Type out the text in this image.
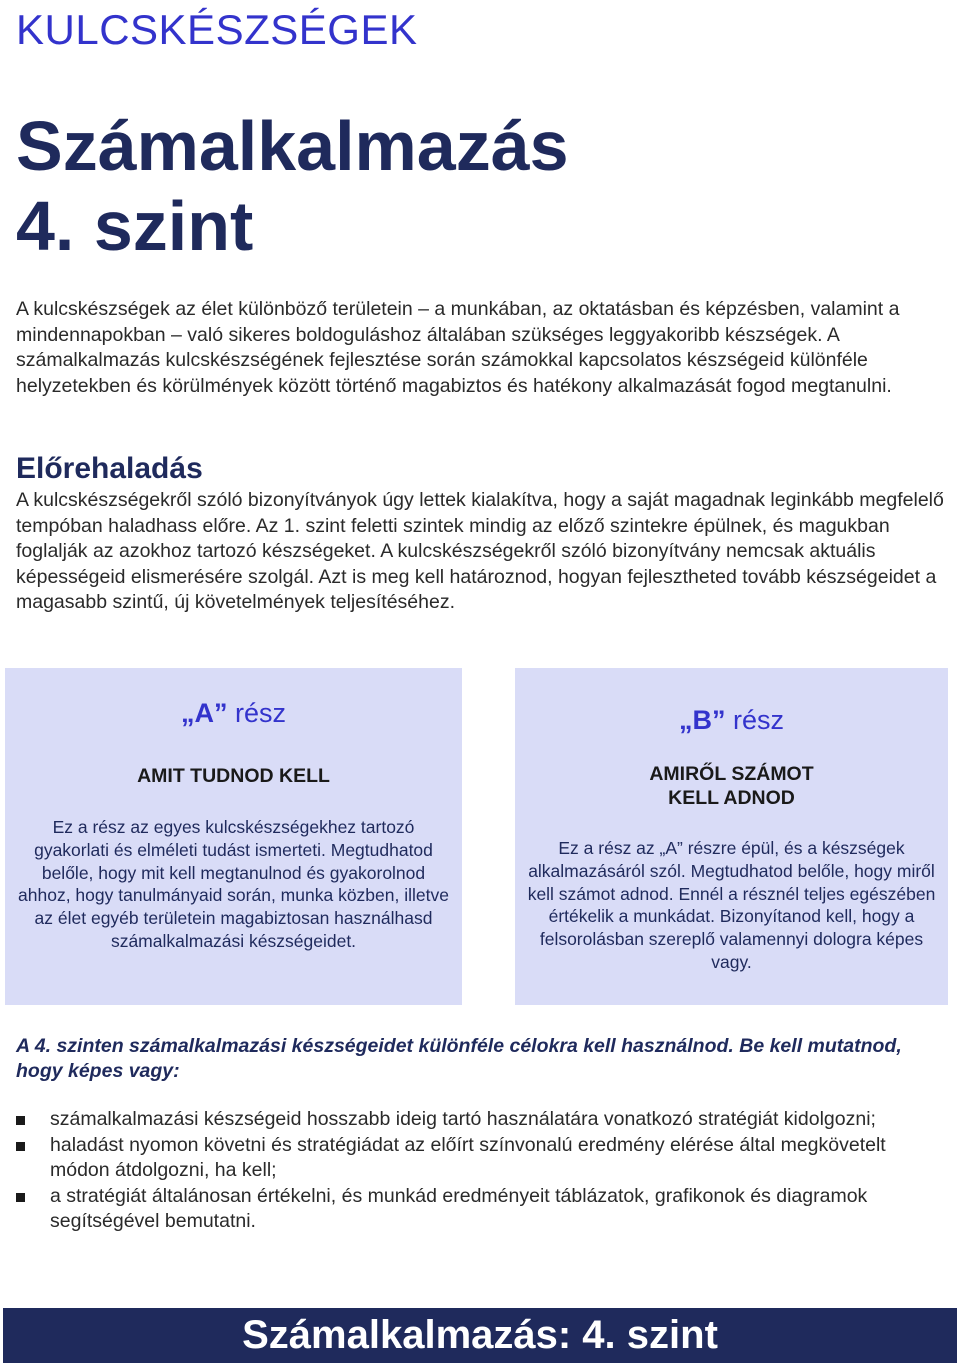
KULCSKÉSZSÉGEK
Számalkalmazás
4. szint
A kulcskészségek az élet különböző területein – a munkában, az oktatásban és képzésben, valamint a mindennapokban – való sikeres boldoguláshoz általában szükséges leggyakoribb készségek. A számalkalmazás kulcskészségének fejlesztése során számokkal kapcsolatos készségeid különféle helyzetekben és körülmények között történő magabiztos és hatékony alkalmazását fogod megtanulni.
Előrehaladás
A kulcskészségekről szóló bizonyítványok úgy lettek kialakítva, hogy a saját magadnak leginkább megfelelő tempóban haladhass előre. Az 1. szint feletti szintek mindig az előző szintekre épülnek, és magukban foglalják az azokhoz tartozó készségeket. A kulcskészségekről szóló bizonyítvány nemcsak aktuális képességeid elismerésére szolgál. Azt is meg kell határoznod, hogyan fejlesztheted tovább készségeidet a magasabb szintű, új követelmények teljesítéséhez.
„A” rész
AMIT TUDNOD KELL
Ez a rész az egyes kulcskészségekhez tartozó gyakorlati és elméleti tudást ismerteti. Megtudhatod belőle, hogy mit kell megtanulnod és gyakorolnod ahhoz, hogy tanulmányaid során, munka közben, illetve az élet egyéb területein magabiztosan használhasd számalkalmazási készségeidet.
„B” rész
AMIRŐL SZÁMOT
KELL ADNOD
Ez a rész az „A” részre épül, és a készségek alkalmazásáról szól. Megtudhatod belőle, hogy miről kell számot adnod. Ennél a résznél teljes egészében értékelik a munkádat. Bizonyítanod kell, hogy a felsorolásban szereplő valamennyi dologra képes vagy.
A 4. szinten számalkalmazási készségeidet különféle célokra kell használnod. Be kell mutatnod, hogy képes vagy:
számalkalmazási készségeid hosszabb ideig tartó használatára vonatkozó stratégiát kidolgozni;
haladást nyomon követni és stratégiádat az előírt színvonalú eredmény elérése által megkövetelt módon átdolgozni, ha kell;
a stratégiát általánosan értékelni, és munkád eredményeit táblázatok, grafikonok és diagramok segítségével bemutatni.
Számalkalmazás: 4. szint
